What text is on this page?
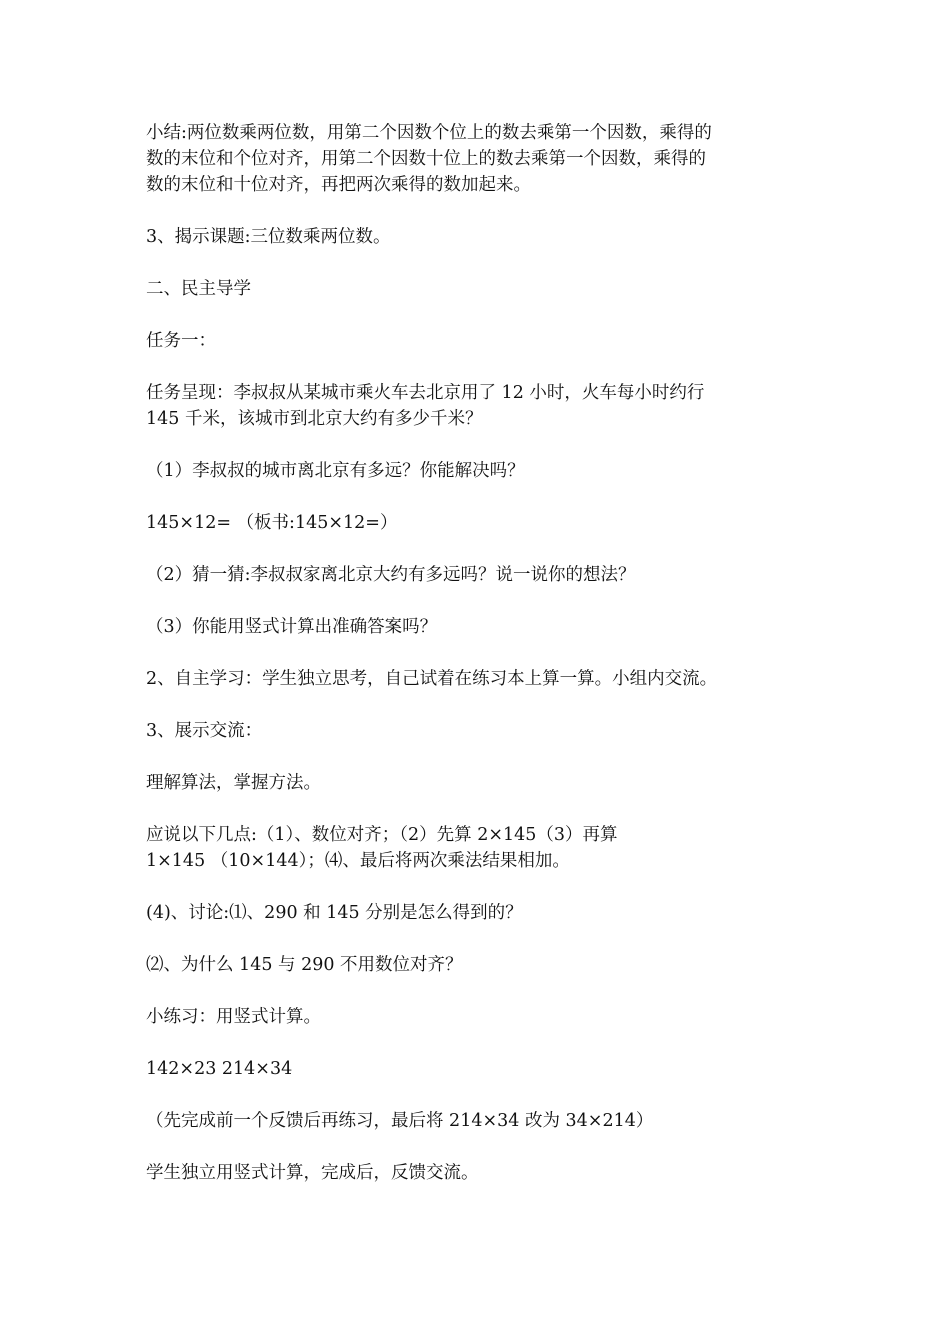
小结:两位数乘两位数，用第二个因数个位上的数去乘第一个因数，乘得的
数的末位和个位对齐，用第二个因数十位上的数去乘第一个因数，乘得的
数的末位和十位对齐，再把两次乘得的数加起来。

3、揭示课题:三位数乘两位数。

二、民主导学

任务一：

任务呈现：李叔叔从某城市乘火车去北京用了 12 小时，火车每小时约行
145 千米，该城市到北京大约有多少千米？

（1）李叔叔的城市离北京有多远？你能解决吗？

145×12= （板书:145×12=）

（2）猜一猜:李叔叔家离北京大约有多远吗？说一说你的想法？

（3）你能用竖式计算出准确答案吗？

2、自主学习：学生独立思考，自己试着在练习本上算一算。小组内交流。

3、展示交流：

理解算法，掌握方法。

应说以下几点:（1）、数位对齐；（2）先算 2×145（3）再算
1×145 （10×144）；⑷、最后将两次乘法结果相加。

(4)、讨论:⑴、290 和 145 分别是怎么得到的？

⑵、为什么 145 与 290 不用数位对齐？

小练习：用竖式计算。

142×23 214×34

（先完成前一个反馈后再练习，最后将 214×34 改为 34×214）

学生独立用竖式计算，完成后，反馈交流。
